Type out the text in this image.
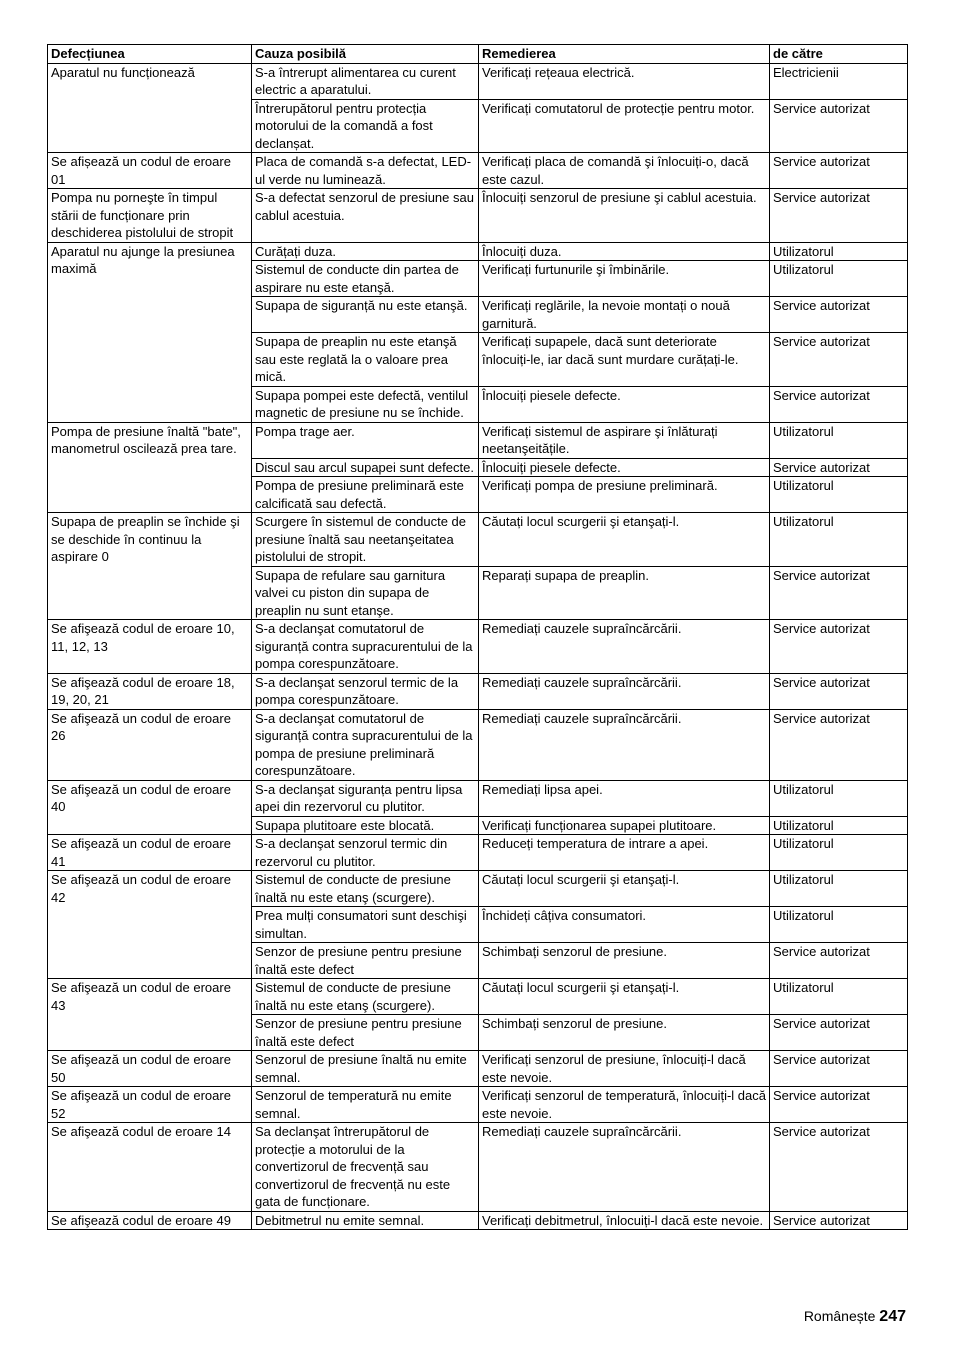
Defecțiunea	Cauza posibilă	Remedierea	de către
Aparatul nu funcționează	S-a întrerupt alimentarea cu curent electric a aparatului.	Verificați rețeaua electrică.	Electricienii
	Întrerupătorul pentru protecția motorului de la comandă a fost declanșat.	Verificați comutatorul de protecție pentru motor.	Service autorizat
Se afișează un codul de eroare 01	Placa de comandă s-a defectat, LED-ul verde nu luminează.	Verificați placa de comandă şi înlocuiți-o, dacă este cazul.	Service autorizat
Pompa nu porneşte în timpul stării de funcționare prin deschiderea pistolului de stropit	S-a defectat senzorul de presiune sau cablul acestuia.	Înlocuiți senzorul de presiune şi cablul acestuia.	Service autorizat
Aparatul nu ajunge la presiunea maximă	Curățați duza.	Înlocuiți duza.	Utilizatorul
	Sistemul de conducte din partea de aspirare nu este etanşă.	Verificați furtunurile şi îmbinările.	Utilizatorul
	Supapa de siguranță nu este etanşă.	Verificați reglările, la nevoie montați o nouă garnitură.	Service autorizat
	Supapa de preaplin nu este etanşă sau este reglată la o valoare prea mică.	Verificați supapele, dacă sunt deteriorate înlocuiți-le, iar dacă sunt murdare curățați-le.	Service autorizat
	Supapa pompei este defectă, ventilul magnetic de presiune nu se închide.	Înlocuiți piesele defecte.	Service autorizat
Pompa de presiune înaltă "bate", manometrul oscilează prea tare.	Pompa trage aer.	Verificați sistemul de aspirare şi înlăturați neetanşeitățile.	Utilizatorul
	Discul sau arcul supapei sunt defecte.	Înlocuiți piesele defecte.	Service autorizat
	Pompa de presiune preliminară este calcificată sau defectă.	Verificați pompa de presiune preliminară.	Utilizatorul
Supapa de preaplin se închide şi se deschide în continuu la aspirare 0	Scurgere în sistemul de conducte de presiune înaltă sau neetanşeitatea pistolului de stropit.	Căutați locul scurgerii şi etanşați-l.	Utilizatorul
	Supapa de refulare sau garnitura valvei cu piston din supapa de preaplin nu sunt etanşe.	Reparați supapa de preaplin.	Service autorizat
Se afişează codul de eroare 10, 11, 12, 13	S-a declanşat comutatorul de siguranță contra supracurentului de la pompa corespunzătoare.	Remediați cauzele supraîncărcării.	Service autorizat
Se afişează codul de eroare 18, 19, 20, 21	S-a declanşat senzorul termic de la pompa corespunzătoare.	Remediați cauzele supraîncărcării.	Service autorizat
Se afişează un codul de eroare 26	S-a declanşat comutatorul de siguranță contra supracurentului de la pompa de presiune preliminară corespunzătoare.	Remediați cauzele supraîncărcării.	Service autorizat
Se afişează un codul de eroare 40	S-a declanşat siguranța pentru lipsa apei din rezervorul cu plutitor.	Remediați lipsa apei.	Utilizatorul
	Supapa plutitoare este blocată.	Verificați funcționarea supapei plutitoare.	Utilizatorul
Se afişează un codul de eroare 41	S-a declanşat senzorul termic din rezervorul cu plutitor.	Reduceți temperatura de intrare a apei.	Utilizatorul
Se afişează un codul de eroare 42	Sistemul de conducte de presiune înaltă nu este etanş (scurgere).	Căutați locul scurgerii şi etanşați-l.	Utilizatorul
	Prea mulți consumatori sunt deschişi simultan.	Închideți câțiva consumatori.	Utilizatorul
	Senzor de presiune pentru presiune înaltă este defect	Schimbați senzorul de presiune.	Service autorizat
Se afişează un codul de eroare 43	Sistemul de conducte de presiune înaltă nu este etanş (scurgere).	Căutați locul scurgerii şi etanşați-l.	Utilizatorul
	Senzor de presiune pentru presiune înaltă este defect	Schimbați senzorul de presiune.	Service autorizat
Se afişează un codul de eroare 50	Senzorul de presiune înaltă nu emite semnal.	Verificați senzorul de presiune, înlocuiți-l dacă este nevoie.	Service autorizat
Se afişează un codul de eroare 52	Senzorul de temperatură nu emite semnal.	Verificați senzorul de temperatură, înlocuiți-l dacă este nevoie.	Service autorizat
Se afişează codul de eroare 14	Sa declanşat întrerupătorul de protecție a motorului de la convertizorul de frecvență sau convertizorul de frecvență nu este gata de funcționare.	Remediați cauzele supraîncărcării.	Service autorizat
Se afişează codul de eroare 49	Debitmetrul nu emite semnal.	Verificați debitmetrul, înlocuiți-l dacă este nevoie.	Service autorizat
Românește 247
